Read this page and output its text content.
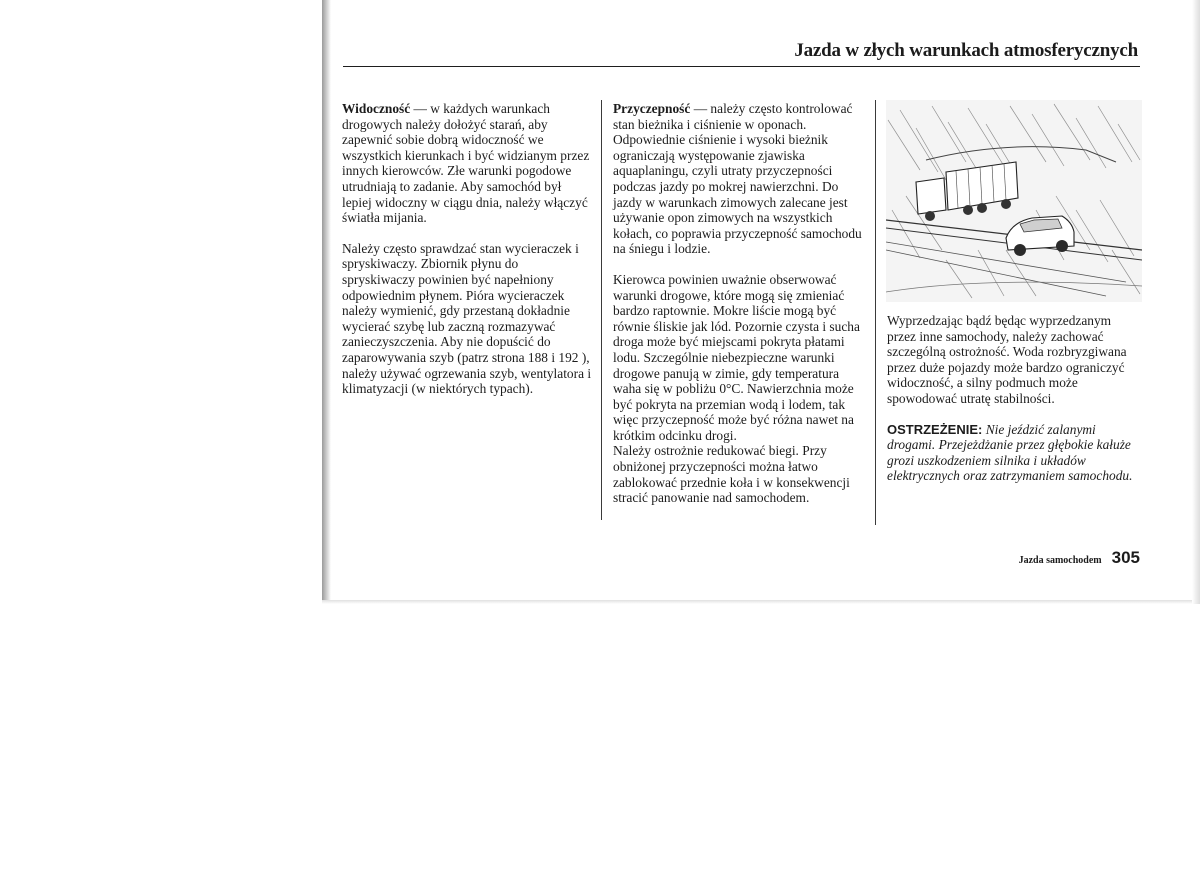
Jazda w złych warunkach atmosferycznych

Widoczność — w każdych warunkach drogowych należy dołożyć starań, aby zapewnić sobie dobrą widoczność we wszystkich kierunkach i być widzianym przez innych kierowców. Złe warunki pogodowe utrudniają to zadanie. Aby samochód był lepiej widoczny w ciągu dnia, należy włączyć światła mijania.

Należy często sprawdzać stan wycieraczek i spryskiwaczy. Zbiornik płynu do spryskiwaczy powinien być napełniony odpowiednim płynem. Pióra wycieraczek należy wymienić, gdy przestaną dokładnie wycierać szybę lub zaczną rozmazywać zanieczyszczenia. Aby nie dopuścić do zaparowywania szyb (patrz strona 188 i 192 ), należy używać ogrzewania szyb, wentylatora i klimatyzacji (w niektórych typach).

Przyczepność — należy często kontrolować stan bieżnika i ciśnienie w oponach. Odpowiednie ciśnienie i wysoki bieżnik ograniczają występowanie zjawiska aquaplaningu, czyli utraty przyczepności podczas jazdy po mokrej nawierzchni. Do jazdy w warunkach zimowych zalecane jest używanie opon zimowych na wszystkich kołach, co poprawia przyczepność samochodu na śniegu i lodzie.

Kierowca powinien uważnie obserwować warunki drogowe, które mogą się zmieniać bardzo raptownie. Mokre liście mogą być równie śliskie jak lód. Pozornie czysta i sucha droga może być miejscami pokryta płatami lodu. Szczególnie niebezpieczne warunki drogowe panują w zimie, gdy temperatura waha się w pobliżu 0°C. Nawierzchnia może być pokryta na przemian wodą i lodem, tak więc przyczepność może być różna nawet na krótkim odcinku drogi.

Należy ostrożnie redukować biegi. Przy obniżonej przyczepności można łatwo zablokować przednie koła i w konsekwencji stracić panowanie nad samochodem.

Wyprzedzając bądź będąc wyprzedzanym przez inne samochody, należy zachować szczególną ostrożność. Woda rozbryzgiwana przez duże pojazdy może bardzo ograniczyć widoczność, a silny podmuch może spowodować utratę stabilności.

OSTRZEŻENIE: Nie jeździć zalanymi drogami. Przejeżdżanie przez głębokie kałuże grozi uszkodzeniem silnika i układów elektrycznych oraz zatrzymaniem samochodu.

Jazda samochodem 305
